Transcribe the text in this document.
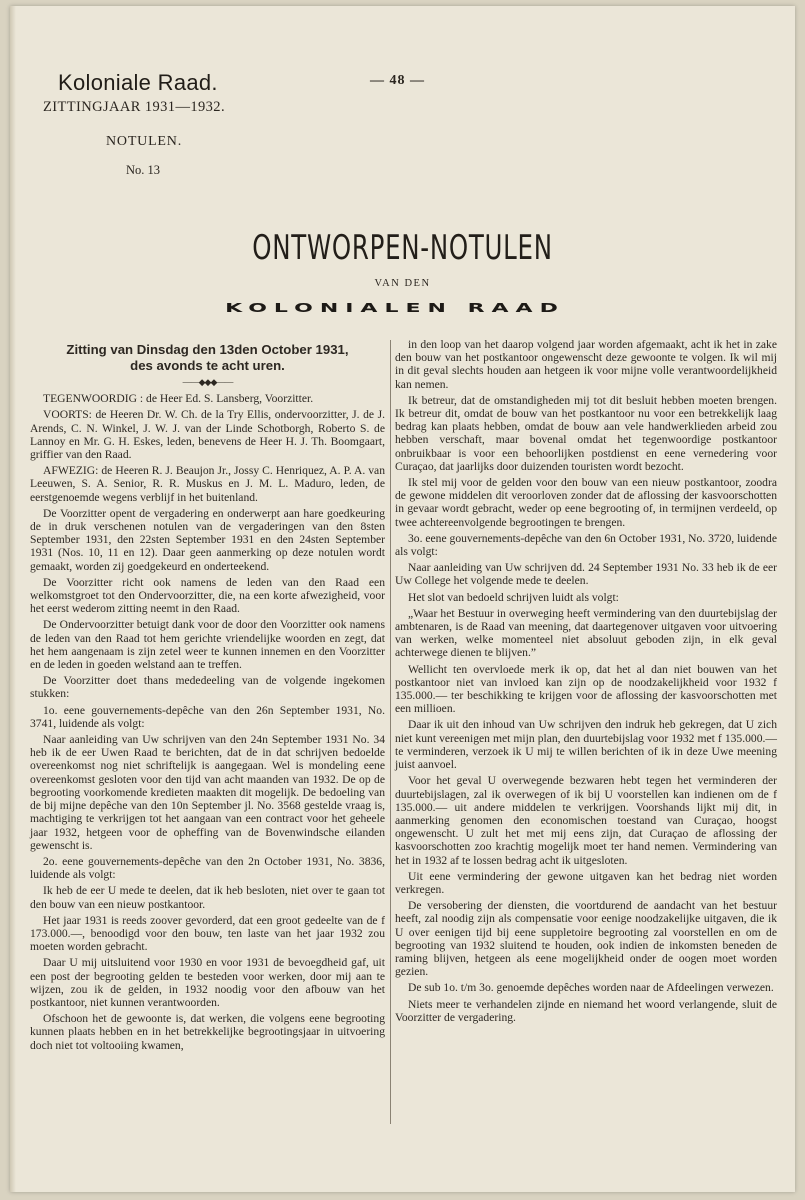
Koloniale Raad.
ZITTINGJAAR 1931—1932.
— 48 —
NOTULEN.
No. 13
ONTWORPEN-NOTULEN
VAN DEN
KOLONIALEN RAAD
Zitting van Dinsdag den 13den October 1931,
des avonds te acht uren.
——◆◆◆——

TEGENWOORDIG : de Heer Ed. S. Lansberg, Voorzitter.

VOORTS: de Heeren Dr. W. Ch. de la Try Ellis, ondervoorzitter, J. de J. Arends, C. N. Winkel, J. W. J. van der Linde Schotborgh, Roberto S. de Lannoy en Mr. G. H. Eskes, leden, benevens de Heer H. J. Th. Boomgaart, griffier van den Raad.

AFWEZIG: de Heeren R. J. Beaujon Jr., Jossy C. Henriquez, A. P. A. van Leeuwen, S. A. Senior, R. R. Muskus en J. M. L. Maduro, leden, de eerstgenoemde wegens verblijf in het buitenland.

De Voorzitter opent de vergadering en onderwerpt aan hare goedkeuring de in druk verschenen notulen van de vergaderingen van den 8sten September 1931, den 22sten September 1931 en den 24sten September 1931 (Nos. 10, 11 en 12). Daar geen aanmerking op deze notulen wordt gemaakt, worden zij goedgekeurd en onderteekend.

De Voorzitter richt ook namens de leden van den Raad een welkomstgroet tot den Ondervoorzitter, die, na een korte afwezigheid, voor het eerst wederom zitting neemt in den Raad.

De Ondervoorzitter betuigt dank voor de door den Voorzitter ook namens de leden van den Raad tot hem gerichte vriendelijke woorden en zegt, dat het hem aangenaam is zijn zetel weer te kunnen innemen en den Voorzitter en de leden in goeden welstand aan te treffen.

De Voorzitter doet thans mededeeling van de volgende ingekomen stukken:

1o. eene gouvernements-depêche van den 26n September 1931, No. 3741, luidende als volgt:

Naar aanleiding van Uw schrijven van den 24n September 1931 No. 34 heb ik de eer Uwen Raad te berichten, dat de in dat schrijven bedoelde overeenkomst nog niet schriftelijk is aangegaan. Wel is mondeling eene overeenkomst gesloten voor den tijd van acht maanden van 1932. De op de begrooting voorkomende kredieten maakten dit mogelijk. De bedoeling van de bij mijne depêche van den 10n September jl. No. 3568 gestelde vraag is, machtiging te verkrijgen tot het aangaan van een contract voor het geheele jaar 1932, hetgeen voor de opheffing van de Bovenwindsche eilanden gewenscht is.

2o. eene gouvernements-depêche van den 2n October 1931, No. 3836, luidende als volgt:

Ik heb de eer U mede te deelen, dat ik heb besloten, niet over te gaan tot den bouw van een nieuw postkantoor.

Het jaar 1931 is reeds zoover gevorderd, dat een groot gedeelte van de f 173.000.—, benoodigd voor den bouw, ten laste van het jaar 1932 zou moeten worden gebracht.

Daar U mij uitsluitend voor 1930 en voor 1931 de bevoegdheid gaf, uit een post der begrooting gelden te besteden voor werken, door mij aan te wijzen, zou ik de gelden, in 1932 noodig voor den afbouw van het postkantoor, niet kunnen verantwoorden.

Ofschoon het de gewoonte is, dat werken, die volgens eene begrooting kunnen plaats hebben en in het betrekkelijke begrootingsjaar in uitvoering doch niet tot voltooiing kwamen,

in den loop van het daarop volgend jaar worden afgemaakt, acht ik het in zake den bouw van het postkantoor ongewenscht deze gewoonte te volgen. Ik wil mij in dit geval slechts houden aan hetgeen ik voor mijne volle verantwoordelijkheid kan nemen.

Ik betreur, dat de omstandigheden mij tot dit besluit hebben moeten brengen. Ik betreur dit, omdat de bouw van het postkantoor nu voor een betrekkelijk laag bedrag kan plaats hebben, omdat de bouw aan vele handwerklieden arbeid zou hebben verschaft, maar bovenal omdat het tegenwoordige postkantoor onbruikbaar is voor een behoorlijken postdienst en eene vernedering voor Curaçao, dat jaarlijks door duizenden touristen wordt bezocht.

Ik stel mij voor de gelden voor den bouw van een nieuw postkantoor, zoodra de gewone middelen dit veroorloven zonder dat de aflossing der kasvoorschotten in gevaar wordt gebracht, weder op eene begrooting of, in termijnen verdeeld, op twee achtereenvolgende begrootingen te brengen.

3o. eene gouvernements-depêche van den 6n October 1931, No. 3720, luidende als volgt:

Naar aanleiding van Uw schrijven dd. 24 September 1931 No. 33 heb ik de eer Uw College het volgende mede te deelen.

Het slot van bedoeld schrijven luidt als volgt:

„Waar het Bestuur in overweging heeft vermindering van den duurtebijslag der ambtenaren, is de Raad van meening, dat daartegenover uitgaven voor uitvoering van werken, welke momenteel niet absoluut geboden zijn, in elk geval achterwege dienen te blijven.”

Wellicht ten overvloede merk ik op, dat het al dan niet bouwen van het postkantoor niet van invloed kan zijn op de noodzakelijkheid voor 1932 f 135.000.— ter beschikking te krijgen voor de aflossing der kasvoorschotten met een millioen.

Daar ik uit den inhoud van Uw schrijven den indruk heb gekregen, dat U zich niet kunt vereenigen met mijn plan, den duurtebijslag voor 1932 met f 135.000.— te verminderen, verzoek ik U mij te willen berichten of ik in deze Uwe meening juist aanvoel.

Voor het geval U overwegende bezwaren hebt tegen het verminderen der duurtebijslagen, zal ik overwegen of ik bij U voorstellen kan indienen om de f 135.000.— uit andere middelen te verkrijgen. Voorshands lijkt mij dit, in aanmerking genomen den economischen toestand van Curaçao, hoogst ongewenscht. U zult het met mij eens zijn, dat Curaçao de aflossing der kasvoorschotten zoo krachtig mogelijk moet ter hand nemen. Vermindering van het in 1932 af te lossen bedrag acht ik uitgesloten.

Uit eene vermindering der gewone uitgaven kan het bedrag niet worden verkregen.

De versobering der diensten, die voortdurend de aandacht van het bestuur heeft, zal noodig zijn als compensatie voor eenige noodzakelijke uitgaven, die ik U over eenigen tijd bij eene suppletoire begrooting zal voorstellen en om de begrooting van 1932 sluitend te houden, ook indien de inkomsten beneden de raming blijven, hetgeen als eene mogelijkheid onder de oogen moet worden gezien.

De sub 1o. t/m 3o. genoemde depêches worden naar de Afdeelingen verwezen.

Niets meer te verhandelen zijnde en niemand het woord verlangende, sluit de Voorzitter de vergadering.
